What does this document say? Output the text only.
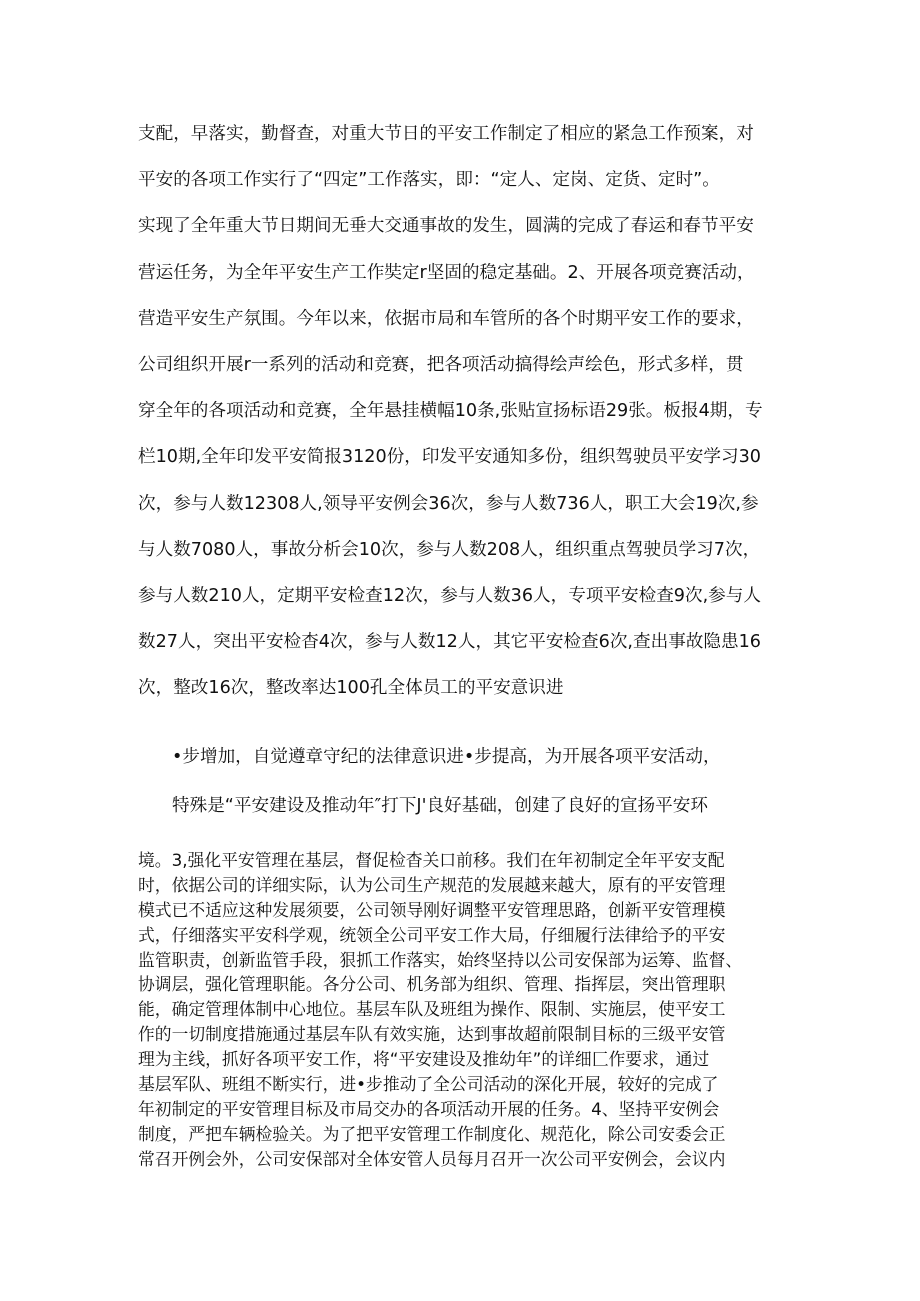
支配，早落实，勤督查，对重大节日的平安工作制定了相应的紧急工作预案，对

平安的各项工作实行了“四定”工作落实，即：“定人、定岗、定货、定时”。

实现了全年重大节日期间无垂大交通事故的发生，圆满的完成了春运和春节平安

营运任务，为全年平安生产工作奘定r坚固的稳定基础。2、开展各项竞赛活动，

营造平安生产氛围。今年以来，依据市局和车管所的各个时期平安工作的要求，

公司组织开展r一系列的活动和竞赛，把各项活动搞得绘声绘色，形式多样，贯

穿全年的各项活动和竞赛，全年悬挂横幅10条,张贴宣扬标语29张。板报4期，专

栏10期,全年印发平安简报3120份，印发平安通知多份，组织驾驶员平安学习30

次，参与人数12308人,领导平安例会36次，参与人数736人，职工大会19次,参

与人数7080人，事故分析会10次，参与人数208人，组织重点驾驶员学习7次，

参与人数210人，定期平安检查12次，参与人数36人，专项平安检查9次,参与人

数27人，突出平安检杳4次，参与人数12人，其它平安检查6次,查出事故隐患16

次，整改16次，整改率达100孔全体员工的平安意识进

•步增加，自觉遵章守纪的法律意识进•步提高，为开展各项平安活动，

特殊是“平安建设及推动年″打下J'良好基础，创建了良好的宣扬平安环

境。3,强化平安管理在基层，督促检杳关口前移。我们在年初制定全年平安支配

时，依据公司的详细实际，认为公司生产规范的发展越来越大，原有的平安管理

模式已不适应这种发展须要，公司领导刚好调整平安管理思路，创新平安管理模

式，仔细落实平安科学观，统领全公司平安工作大局，仔细履行法律给予的平安

监管职责，创新监管手段，狠抓工作落实，始终坚持以公司安保部为运筹、监督、

协调层，强化管理职能。各分公司、机务部为组织、管理、指挥层，突出管理职

能，确定管理体制中心地位。基层车队及班组为操作、限制、实施层，使平安工

作的一切制度措施通过基层车队有效实施，达到事故超前限制目标的三级平安管

理为主线，抓好各项平安工作，将“平安建设及推幼年”的详细匚作要求，通过

基层军队、班组不断实行，进•步推动了全公司活动的深化开展，较好的完成了

年初制定的平安管理目标及市局交办的各项活动开展的任务。4、坚持平安例会

制度，严把车辆检验关。为了把平安管理工作制度化、规范化，除公司安委会正

常召开例会外，公司安保部对全体安管人员每月召开一次公司平安例会，会议内
